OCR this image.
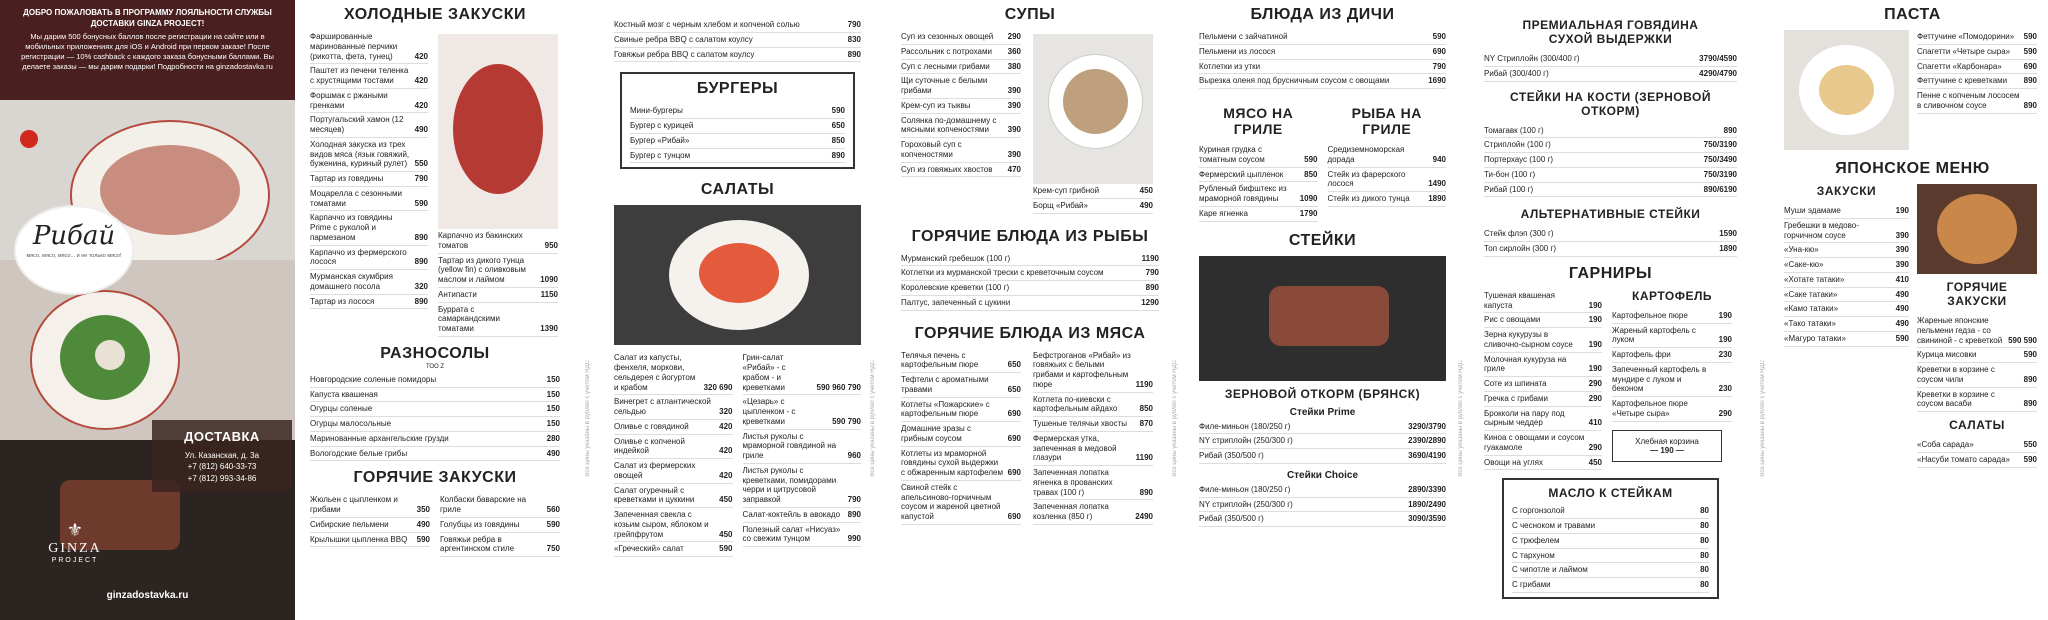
ДОБРО ПОЖАЛОВАТЬ В ПРОГРАММУ ЛОЯЛЬНОСТИ СЛУЖБЫ ДОСТАВКИ GINZA PROJECT!
Мы дарим 500 бонусных баллов после регистрации на сайте или в мобильных приложениях для iOS и Android при первом заказе! После регистрации — 10% cashback с каждого заказа бонусными баллами. Вы делаете заказы — мы дарим подарки! Подробности на ginzadostavka.ru
Рибай
мясо, мясо, мясо... и не только мясо!
ДОСТАВКА
Ул. Казанская, д. 3а
+7 (812) 640-33-73
+7 (812) 993-34-86
⚜
GINZA
PROJECT
ginzadostavka.ru
ХОЛОДНЫЕ ЗАКУСКИ
Фаршированные маринованные перчики (рикотта, фета, тунец)	420
Паштет из печени теленка с хрустящими тостами	420
Форшмак с ржаными гренками	420
Португальский хамон (12 месяцев)	490
Холодная закуска из трех видов мяса (язык говяжий, буженина, куриный рулет) 550
Тартар из говядины	790
Моцарелла с сезонными томатами	590
Карпаччо из говядины Prime с руколой и пармезаном	890
Карпаччо из фермерского лосося	890
Мурманская скумбрия домашнего посола	320
Тартар из лосося	890
Карпаччо из бакинских томатов	950
Тартар из дикого тунца (yellow fin) с оливковым маслом и лаймом	1090
Антипасти	1150
Буррата с самаркандскими томатами	1390
РАЗНОСОЛЫ
ТОО Z
Новгородские соленые помидоры	150
Капуста квашеная	150
Огурцы соленые	150
Огурцы малосольные	150
Маринованные архангельские грузди	280
Вологодские белые грибы	490
ГОРЯЧИЕ ЗАКУСКИ
Жюльен с цыпленком и грибами	350
Сибирские пельмени	490
Крылышки цыпленка BBQ	590
Колбаски баварские на гриле	560
Голубцы из говядины	590
Говяжьи ребра в аргентинском стиле	750
Костный мозг с черным хлебом и копченой солью	790
Свиные ребра BBQ с салатом коулсу	830
Говяжьи ребра BBQ с салатом коулсу	890
БУРГЕРЫ
Мини-бургеры	590
Бургер с курицей	650
Бургер «Рибай»	850
Бургер с тунцом	890
САЛАТЫ
Салат из капусты, фенхеля, моркови, сельдерея с йогуртом и крабом	320 690
Винегрет с атлантической сельдью	320
Оливье с говядиной	420
Оливье с копченой индейкой	420
Салат из фермерских овощей	420
Салат огуречный с креветками и цуккини	450
Запеченная свекла с козьим сыром, яблоком и грейпфрутом	450
«Греческий» салат	590
Грин-салат «Рибай» - с крабом - и креветками	590 960 790
«Цезарь» с цыпленком - с креветками	590 790
Листья руколы с мраморной говядиной на гриле	960
Листья руколы с креветками, помидорами черри и цитрусовой заправкой	790
Салат-коктейль в авокадо 890
Полезный салат «Нисуаз» со свежим тунцом	990
СУПЫ
Суп из сезонных овощей	290
Рассольник с потрохами	360
Суп с лесными грибами	380
Щи суточные с белыми грибами	390
Крем-суп из тыквы	390
Солянка по-домашнему с мясными копченостями	390
Гороховый суп с копченостями	390
Суп из говяжьих хвостов	470
Крем-суп грибной	450
Борщ «Рибай»	490
ГОРЯЧИЕ БЛЮДА ИЗ РЫБЫ
Мурманский гребешок (100 г)	1190
Котлетки из мурманской трески с креветочным соусом	790
Королевские креветки (100 г)	890
Палтус, запеченный с цукини	1290
ГОРЯЧИЕ БЛЮДА ИЗ МЯСА
Телячья печень с картофельным пюре	650
Тефтели с ароматными травами	650
Котлеты «Пожарские» с картофельным пюре	690
Домашние зразы с грибным соусом	690
Котлеты из мраморной говядины сухой выдержки с обжаренным картофелем 690
Свиной стейк с апельсиново-горчичным соусом и жареной цветной капустой	690
Бефстроганов «Рибай» из говяжьих с белыми грибами и картофельным пюре	1190
Котлета по-киевски с картофельным айдахо	850
Тушеные телячьи хвосты	870
Фермерская утка, запеченная в медовой глазури	1190
Запеченная лопатка ягненка в прованских травах (100 г)	890
Запеченная лопатка козленка (850 г)	2490
БЛЮДА ИЗ ДИЧИ
Пельмени с зайчатиной	590
Пельмени из лосося	690
Котлетки из утки	790
Вырезка оленя под брусничным соусом с овощами	1690
МЯСО НА ГРИЛЕ
Куриная грудка с томатным соусом	590
Фермерский цыпленок	850
Рубленый бифштекс из мраморной говядины	1090
Каре ягненка	1790
РЫБА НА ГРИЛЕ
Средиземноморская дорада	940
Стейк из фарерского лосося	1490
Стейк из дикого тунца	1890
СТЕЙКИ
ЗЕРНОВОЙ ОТКОРМ (БРЯНСК)
Стейки Prime
Филе-миньон (180/250 г)	3290/3790
NY стриплойн (250/300 г)	2390/2890
Рибай (350/500 г)	3690/4190
Стейки Choice
Филе-миньон (180/250 г)	2890/3390
NY стриплойн (250/300 г)	1890/2490
Рибай (350/500 г)	3090/3590
ПРЕМИАЛЬНАЯ ГОВЯДИНА СУХОЙ ВЫДЕРЖКИ
NY Стриплойн (300/400 г)	3790/4590
Рибай (300/400 г)	4290/4790
СТЕЙКИ НА КОСТИ (ЗЕРНОВОЙ ОТКОРМ)
Томагавк (100 г)	890
Стриплойн (100 г)	750/3190
Портерхаус (100 г)	750/3490
Ти-бон (100 г)	750/3190
Рибай (100 г)	890/6190
АЛЬТЕРНАТИВНЫЕ СТЕЙКИ
Стейк флэп (300 г)	1590
Топ сирлойн (300 г)	1890
ГАРНИРЫ
Тушеная квашеная капуста	190
Рис с овощами	190
Зерна кукурузы в сливочно-сырном соусе	190
Молочная кукуруза на гриле	190
Соте из шпината	290
Гречка с грибами	290
Брокколи на пару под сырным чеддер	410
Киноа с овощами и соусом гуакамоле	290
Овощи на углях	450
КАРТОФЕЛЬ
Картофельное пюре	190
Жареный картофель с луком	190
Картофель фри	230
Запеченный картофель в мундире с луком и беконом	230
Картофельное пюре «Четыре сыра»	290
Хлебная корзина
— 190 —
МАСЛО К СТЕЙКАМ
С горгонзолой	80
С чесноком и травами	80
С трюфелем	80
С тархуном	80
С чипотле и лаймом	80
С грибами	80
ПАСТА
Феттучине «Помодорини»	590
Спагетти «Четыре сыра»	590
Спагетти «Карбонара»	690
Феттучине с креветками	890
Пенне с копченым лососем в сливочном соусе	890
ЯПОНСКОЕ МЕНЮ
ЗАКУСКИ
Муши эдамаме	190
Гребешки в медово-горчичном соусе	390
«Уна-кю»	390
«Саке-кю»	390
«Хотате татаки»	410
«Саке татаки»	490
«Камо татаки»	490
«Тако татаки»	490
«Магуро татаки»	590
ГОРЯЧИЕ ЗАКУСКИ
Жареные японские пельмени гедза - со свининой - с креветкой 590 590
Курица мисовки	590
Креветки в корзине с соусом чили	890
Креветки в корзине с соусом васаби	890
САЛАТЫ
«Соба сарада»	550
«Насуби томато сарада»	590
Все цены указаны в рублях с учетом НДС	Все цены указаны в рублях с учетом НДС	Все цены указаны в рублях с учетом НДС	Все цены указаны в рублях с учетом НДС	Все цены указаны в рублях с учетом НДС
